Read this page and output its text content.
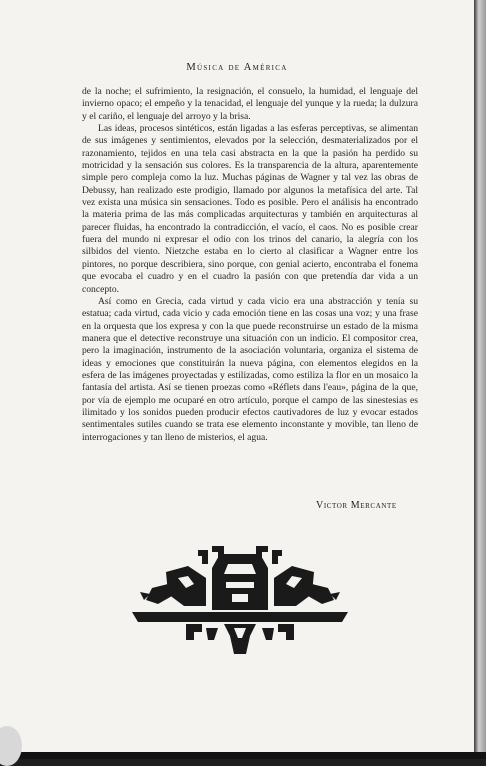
Música de América

de la noche; el sufrimiento, la resignación, el consuelo, la humidad, el lenguaje del invierno opaco; el empeño y la tenacidad, el lenguaje del yunque y la rueda; la dulzura y el cariño, el lenguaje del arroyo y la brisa.

Las ideas, procesos sintéticos, están ligadas a las esferas perceptivas, se alimentan de sus imágenes y sentimientos, elevados por la selección, desmaterializados por el razonamiento, tejidos en una tela casi abstracta en la que la pasión ha perdido su motricidad y la sensación sus colores. Es la transparencia de la altura, aparentemente simple pero compleja como la luz. Muchas páginas de Wagner y tal vez las obras de Debussy, han realizado este prodigio, llamado por algunos la metafísica del arte. Tal vez exista una música sin sensaciones. Todo es posible. Pero el análisis ha encontrado la materia prima de las más complicadas arquitecturas y también en arquitecturas al parecer fluidas, ha encontrado la contradicción, el vacío, el caos. No es posible crear fuera del mundo ni expresar el odio con los trinos del canario, la alegría con los silbidos del viento. Nietzche estaba en lo cierto al clasificar a Wagner entre los pintores, no porque describiera, sino porque, con genial acierto, encontraba el fonema que evocaba el cuadro y en el cuadro la pasión con que pretendía dar vida a un concepto.

Así como en Grecia, cada virtud y cada vicio era una abstracción y tenía su estatua; cada virtud, cada vicio y cada emoción tiene en las cosas una voz; y una frase en la orquesta que los expresa y con la que puede reconstruirse un estado de la misma manera que el detective reconstruye una situación con un indicio. El compositor crea, pero la imaginación, instrumento de la asociación voluntaria, organiza el sistema de ideas y emociones que constituirán la nueva página, con elementos elegidos en la esfera de las imágenes proyectadas y estilizadas, como estiliza la flor en un mosaico la fantasía del artista. Así se tienen proezas como «Réflets dans l'eau», página de la que, por vía de ejemplo me ocuparé en otro artículo, porque el campo de las sinestesias es ilimitado y los sonidos pueden producir efectos cautivadores de luz y evocar estados sentimentales sutiles cuando se trata ese elemento inconstante y movible, tan lleno de interrogaciones y tan lleno de misterios, el agua.

Victor Mercante
